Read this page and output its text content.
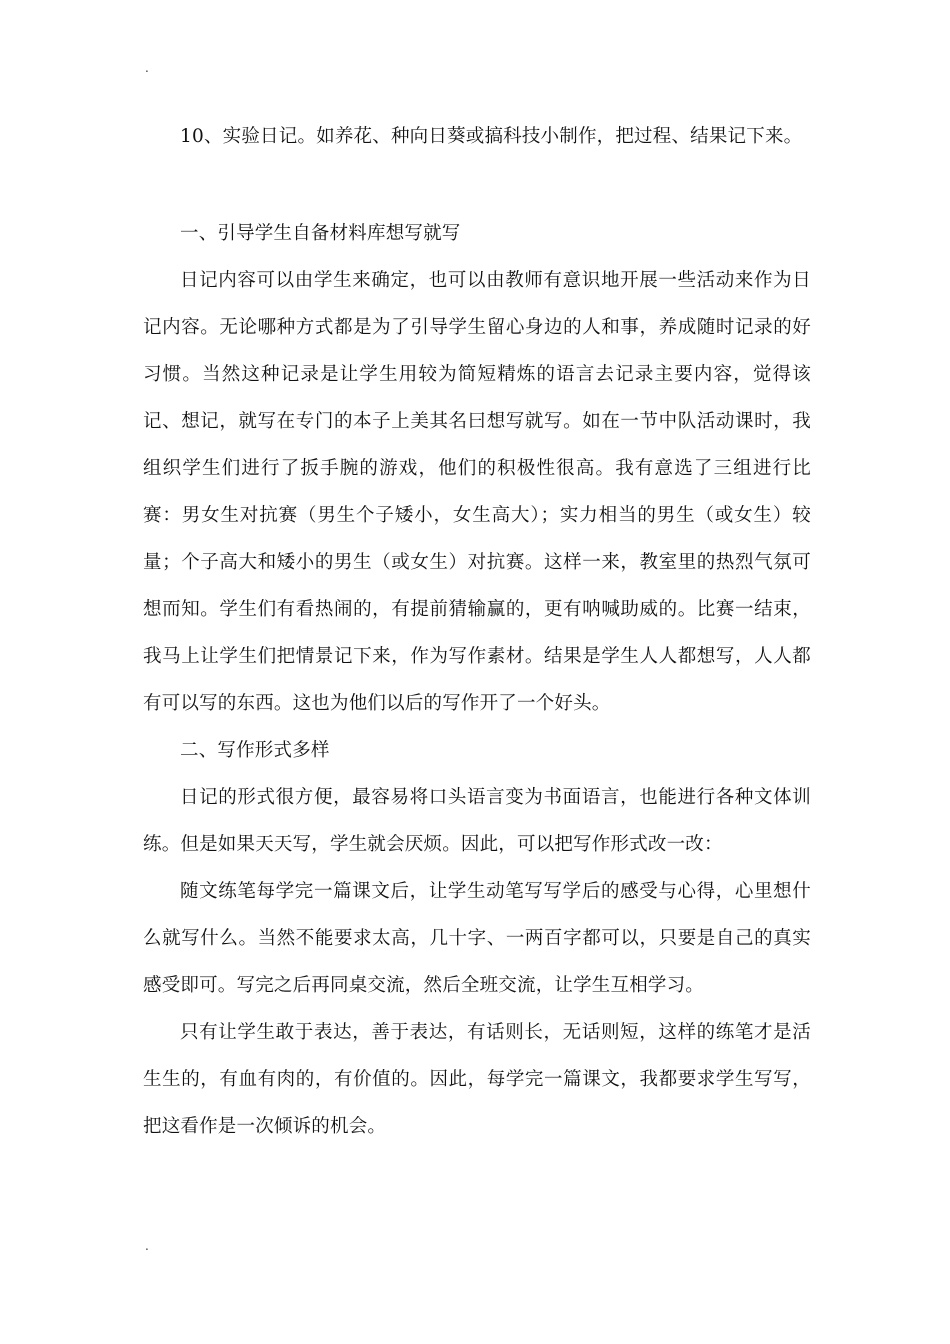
.

10、实验日记。如养花、种向日葵或搞科技小制作，把过程、结果记下来。

一、引导学生自备材料库想写就写

日记内容可以由学生来确定，也可以由教师有意识地开展一些活动来作为日记内容。无论哪种方式都是为了引导学生留心身边的人和事，养成随时记录的好习惯。当然这种记录是让学生用较为简短精炼的语言去记录主要内容，觉得该记、想记，就写在专门的本子上美其名曰想写就写。如在一节中队活动课时，我组织学生们进行了扳手腕的游戏，他们的积极性很高。我有意选了三组进行比赛：男女生对抗赛（男生个子矮小，女生高大）；实力相当的男生（或女生）较量；个子高大和矮小的男生（或女生）对抗赛。这样一来，教室里的热烈气氛可想而知。学生们有看热闹的，有提前猜输赢的，更有呐喊助威的。比赛一结束，我马上让学生们把情景记下来，作为写作素材。结果是学生人人都想写，人人都有可以写的东西。这也为他们以后的写作开了一个好头。

二、写作形式多样

日记的形式很方便，最容易将口头语言变为书面语言，也能进行各种文体训练。但是如果天天写，学生就会厌烦。因此，可以把写作形式改一改：

随文练笔每学完一篇课文后，让学生动笔写写学后的感受与心得，心里想什么就写什么。当然不能要求太高，几十字、一两百字都可以，只要是自己的真实感受即可。写完之后再同桌交流，然后全班交流，让学生互相学习。

只有让学生敢于表达，善于表达，有话则长，无话则短，这样的练笔才是活生生的，有血有肉的，有价值的。因此，每学完一篇课文，我都要求学生写写，把这看作是一次倾诉的机会。

.
